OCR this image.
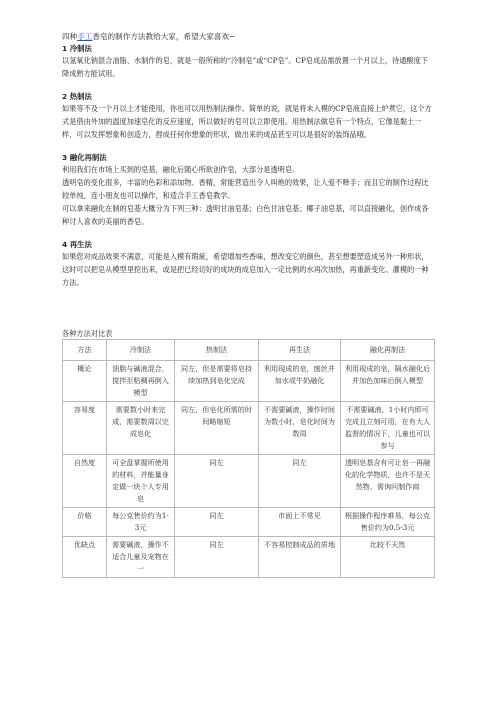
四种手工香皂的制作方法教给大家，希望大家喜欢~

1 冷制法

以氢氧化钠混合油脂、水制作的皂，就是一般所称的“冷制皂”或“CP皂”。CP皂成品需放置一个月以上，待通酸度下降成熟方能试用。

2 热制法

如果等不及一个月以上才能使用，你也可以用热制法操作。简单的说，就是将未入模的CP皂液直接上炉煮它，这个方式是借由外加的温度加速皂化的反应速度，所以做好的皂可以立即使用。用热制法做皂有一个特点，它像是黏土一样，可以发挥想象和创造力，捏成任何你想象的形状，做出来的成品甚至可以是很好的装饰品哦。

3 融化再制法

利用我们在市场上买到的皂基，融化后随心所欲创作皂，大部分是透明皂。

透明皂的变化很多，丰富的色彩和添加物、香精，常能营造出令人叫绝的效果，让人爱不释手；而且它的制作过程比较单纯，连小朋友也可以操作，和适合手工香皂教学。

可以拿来融化在制的皂基大概分为下列三种：透明甘油皂基；白色甘油皂基；椰子油皂基，可以直接融化，创作成各种讨人喜欢的美丽的香皂。

4 再生法

如果您对成品效果不满意，可能是入模有瑕疵，希望增加些香味，想改变它的颜色，甚至想要塑造成另外一种形状，这时可以把皂从模型里挖出来，或是把已经切好的成块的成皂加入一定比例的水再次加热，再重新变化、灌模的一种方法。

各种方法对比表
方法	冷制法	热制法	再生法	融化再制法
概论	油脂与碱液混合，搅拌至粘稠再倒入模型	同左，但是需要将皂持续加热到皂化完成	利用现成的皂，刨丝并加水或牛奶融化	利用现成的皂，隔水融化后并加色加味后倒入模型
容易度	需要数小时来完成，需要数周以完成皂化	同左，但皂化所需的时间略缩短	不需要碱液，操作时间为数小时，皂化时间为数周	不需要碱液，1小时内即可完成且立刻可用，在有大人监督的情况下，儿童也可以参与
自然度	可全盘掌握所使用的材料，并能量身定做一块个人专用皂	同左	同左	透明皂基含有可让皂一再融化的化学物质，也许不是天然物，需询问制作商
价格	每公克售价约为1-3元	同左	市面上不常见	根据操作程序难易，每公克售价约为0.5-3元
优缺点	需要碱液，操作不适合儿童及宠物在一	同左	不容易控制成品的质地	比较不天然
